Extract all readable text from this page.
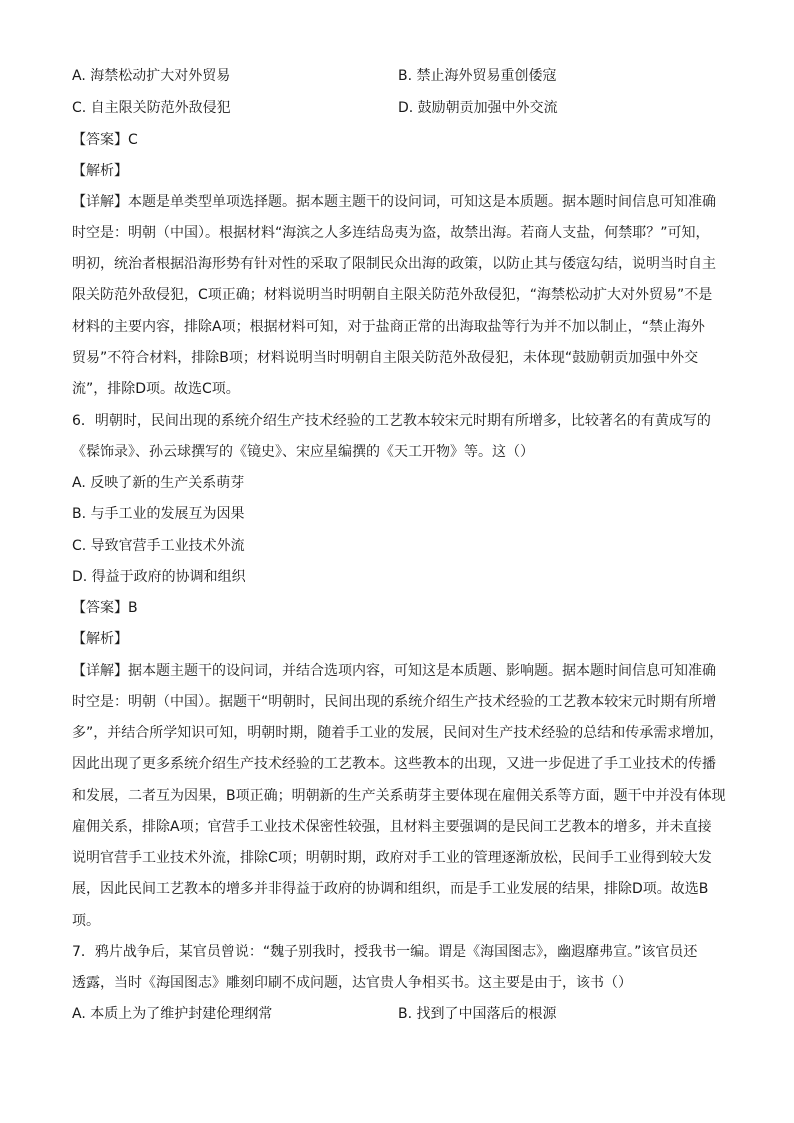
A. 海禁松动扩大对外贸易	B. 禁止海外贸易重创倭寇
C. 自主限关防范外敌侵犯	D. 鼓励朝贡加强中外交流
【答案】C
【解析】
【详解】本题是单类型单项选择题。据本题主题干的设问词，可知这是本质题。据本题时间信息可知准确
时空是：明朝（中国）。根据材料“海滨之人多连结岛夷为盗，故禁出海。若商人支盐，何禁耶？”可知，
明初，统治者根据沿海形势有针对性的采取了限制民众出海的政策，以防止其与倭寇勾结，说明当时自主
限关防范外敌侵犯，C项正确；材料说明当时明朝自主限关防范外敌侵犯，“海禁松动扩大对外贸易”不是
材料的主要内容，排除A项；根据材料可知，对于盐商正常的出海取盐等行为并不加以制止，“禁止海外
贸易”不符合材料，排除B项；材料说明当时明朝自主限关防范外敌侵犯，未体现“鼓励朝贡加强中外交
流”，排除D项。故选C项。
6．明朝时，民间出现的系统介绍生产技术经验的工艺教本较宋元时期有所增多，比较著名的有黄成写的
《髹饰录》、孙云球撰写的《镜史》、宋应星编撰的《天工开物》等。这（）
A. 反映了新的生产关系萌芽
B. 与手工业的发展互为因果
C. 导致官营手工业技术外流
D. 得益于政府的协调和组织
【答案】B
【解析】
【详解】据本题主题干的设问词，并结合选项内容，可知这是本质题、影响题。据本题时间信息可知准确
时空是：明朝（中国）。据题干“明朝时，民间出现的系统介绍生产技术经验的工艺教本较宋元时期有所增
多”，并结合所学知识可知，明朝时期，随着手工业的发展，民间对生产技术经验的总结和传承需求增加，
因此出现了更多系统介绍生产技术经验的工艺教本。这些教本的出现，又进一步促进了手工业技术的传播
和发展，二者互为因果，B项正确；明朝新的生产关系萌芽主要体现在雇佣关系等方面，题干中并没有体现
雇佣关系，排除A项；官营手工业技术保密性较强，且材料主要强调的是民间工艺教本的增多，并未直接
说明官营手工业技术外流，排除C项；明朝时期，政府对手工业的管理逐渐放松，民间手工业得到较大发
展，因此民间工艺教本的增多并非得益于政府的协调和组织，而是手工业发展的结果，排除D项。故选B
项。
7．鸦片战争后，某官员曾说：“魏子别我时，授我书一编。谓是《海国图志》，幽遐靡弗宣。”该官员还
透露，当时《海国图志》雕刻印刷不成问题，达官贵人争相买书。这主要是由于，该书（）
A. 本质上为了维护封建伦理纲常	B. 找到了中国落后的根源
